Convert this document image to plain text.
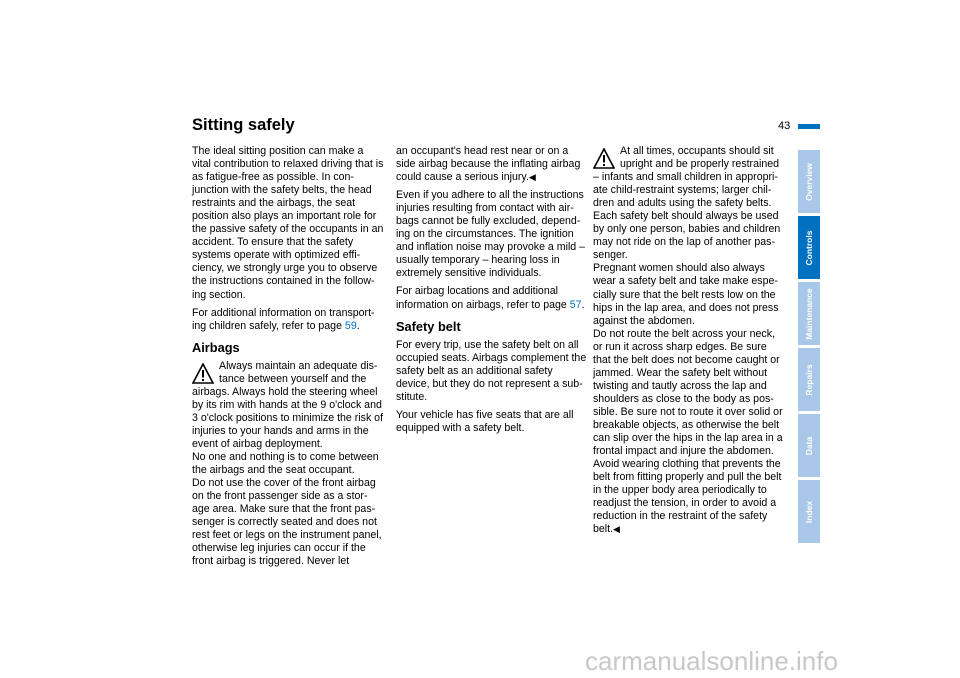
Sitting safely	43

The ideal sitting position can make a vital contribution to relaxed driving that is as fatigue-free as possible. In con-junction with the safety belts, the head restraints and the airbags, the seat position also plays an important role for the passive safety of the occupants in an accident. To ensure that the safety systems operate with optimized effi-ciency, we strongly urge you to observe the instructions contained in the follow-ing section.

For additional information on transport-ing children safely, refer to page 59.

Airbags

Always maintain an adequate dis-tance between yourself and the airbags. Always hold the steering wheel by its rim with hands at the 9 o'clock and 3 o'clock positions to minimize the risk of injuries to your hands and arms in the event of airbag deployment.

No one and nothing is to come between the airbags and the seat occupant.

Do not use the cover of the front airbag on the front passenger side as a stor-age area. Make sure that the front pas-senger is correctly seated and does not rest feet or legs on the instrument panel, otherwise leg injuries can occur if the front airbag is triggered. Never let

an occupant's head rest near or on a side airbag because the inflating airbag could cause a serious injury.◀

Even if you adhere to all the instructions injuries resulting from contact with air-bags cannot be fully excluded, depend-ing on the circumstances. The ignition and inflation noise may provoke a mild – usually temporary – hearing loss in extremely sensitive individuals.

For airbag locations and additional information on airbags, refer to page 57.

Safety belt

For every trip, use the safety belt on all occupied seats. Airbags complement the safety belt as an additional safety device, but they do not represent a sub-stitute.

Your vehicle has five seats that are all equipped with a safety belt.

At all times, occupants should sit upright and be properly restrained – infants and small children in appropri-ate child-restraint systems; larger chil-dren and adults using the safety belts. Each safety belt should always be used by only one person, babies and children may not ride on the lap of another pas-senger.

Pregnant women should also always wear a safety belt and take make espe-cially sure that the belt rests low on the hips in the lap area, and does not press against the abdomen.

Do not route the belt across your neck, or run it across sharp edges. Be sure that the belt does not become caught or jammed. Wear the safety belt without twisting and tautly across the lap and shoulders as close to the body as pos-sible. Be sure not to route it over solid or breakable objects, as otherwise the belt can slip over the hips in the lap area in a frontal impact and injure the abdomen. Avoid wearing clothing that prevents the belt from fitting properly and pull the belt in the upper body area periodically to readjust the tension, in order to avoid a reduction in the restraint of the safety belt.◀

Overview
Controls
Maintenance
Repairs
Data
Index
carmanualsonline.info
